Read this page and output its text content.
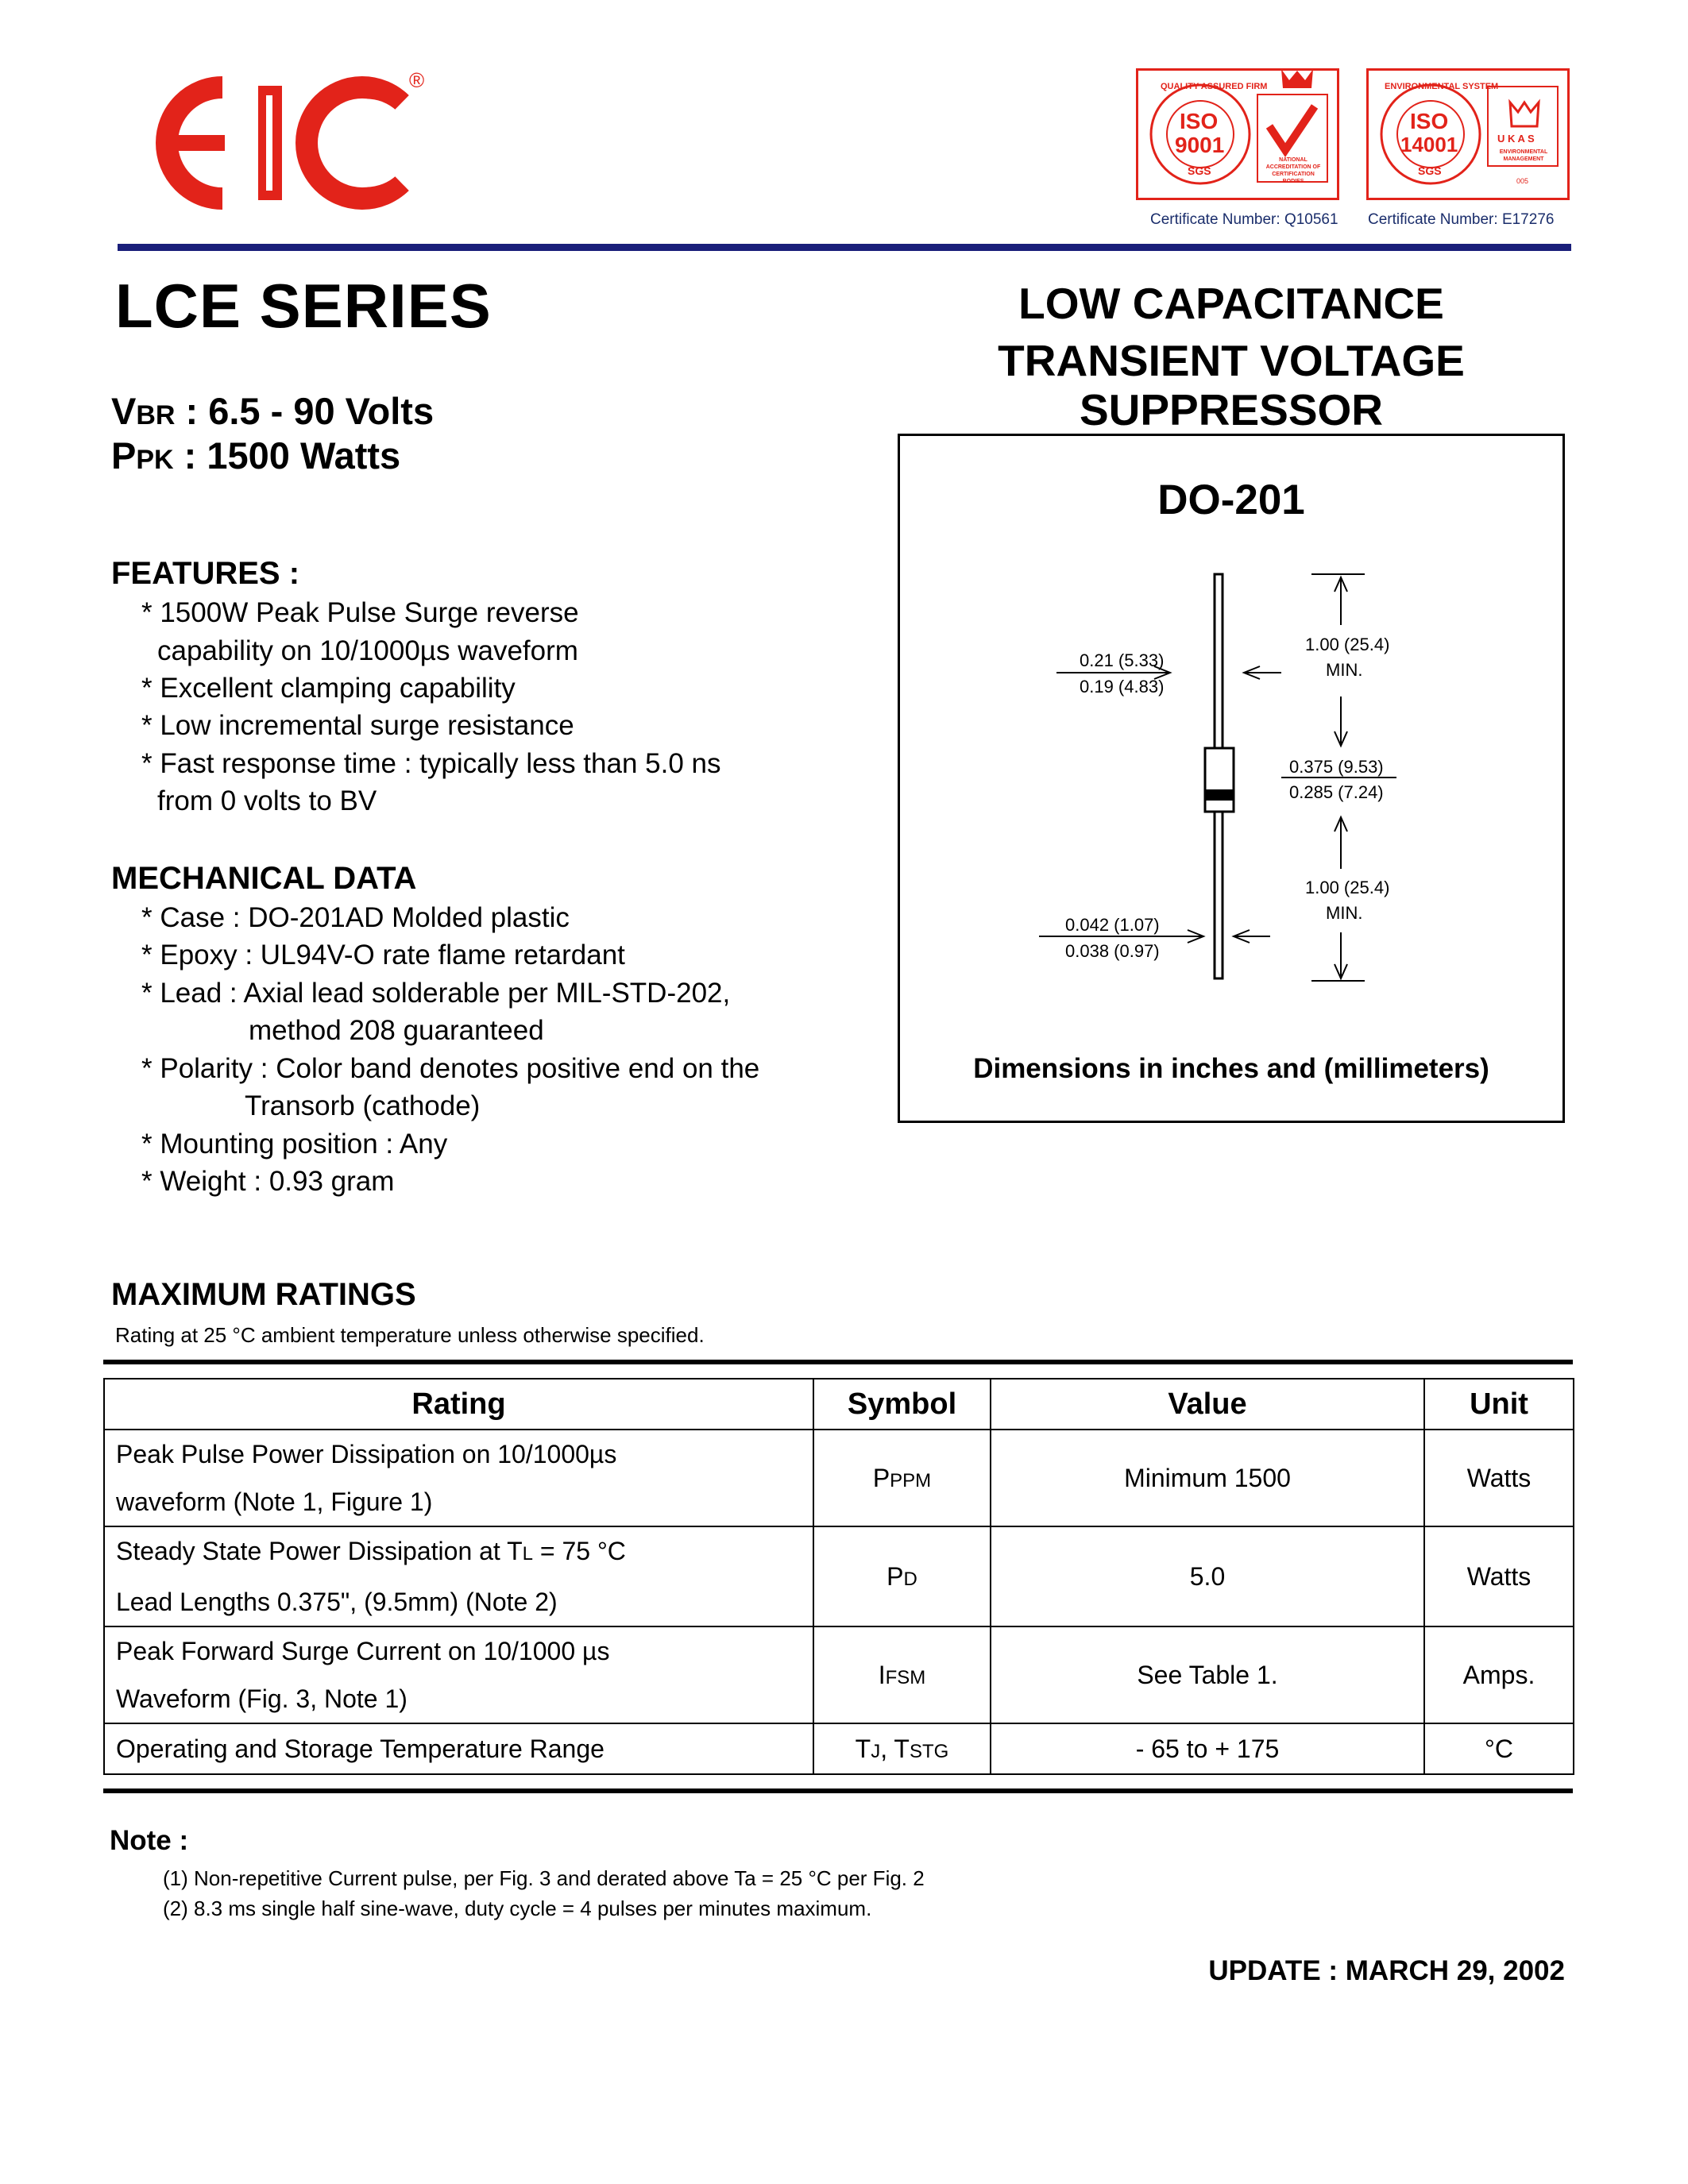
®	QUALITY ASSURED FIRM
ISO
9001
SGS
NATIONAL ACCREDITATION OF CERTIFICATION BODIES
ENVIRONMENTAL SYSTEM
ISO
14001
SGS
U K A S
ENVIRONMENTAL MANAGEMENT
005
Certificate Number: Q10561 Certificate Number: E17276
LCE SERIES
VBR : 6.5 - 90 Volts
PPK : 1500 Watts
LOW CAPACITANCE
TRANSIENT VOLTAGE
SUPPRESSOR
FEATURES :
* 1500W Peak Pulse Surge reverse
capability on 10/1000µs waveform
* Excellent clamping capability
* Low incremental surge resistance
* Fast response time : typically less than 5.0 ns
from 0 volts to BV
MECHANICAL DATA
* Case : DO-201AD Molded plastic
* Epoxy : UL94V-O rate flame retardant
* Lead : Axial lead solderable per MIL-STD-202,
method 208 guaranteed
* Polarity : Color band denotes positive end on the
Transorb (cathode)
* Mounting position : Any
* Weight : 0.93 gram
DO-201
1.00 (25.4)
MIN.
0.21 (5.33)
0.19 (4.83)
0.375 (9.53)
0.285 (7.24)
1.00 (25.4)
MIN.
0.042 (1.07)
0.038 (0.97)
Dimensions in inches and (millimeters)
MAXIMUM RATINGS
Rating at 25 °C ambient temperature unless otherwise specified.
Rating	Symbol	Value	Unit

Peak Pulse Power Dissipation on 10/1000µs
waveform (Note 1, Figure 1)	PPPM	Minimum 1500	Watts

Steady State Power Dissipation at TL = 75 °C
Lead Lengths 0.375", (9.5mm) (Note 2)	PD	5.0	Watts

Peak Forward Surge Current on 10/1000 µs
Waveform (Fig. 3, Note 1)	IFSM	See Table 1.	Amps.
Operating and Storage Temperature Range	TJ, TSTG	- 65 to + 175	°C
Note :
(1) Non-repetitive Current pulse, per Fig. 3 and derated above Ta = 25 °C per Fig. 2
(2) 8.3 ms single half sine-wave, duty cycle = 4 pulses per minutes maximum.
UPDATE : MARCH 29, 2002
